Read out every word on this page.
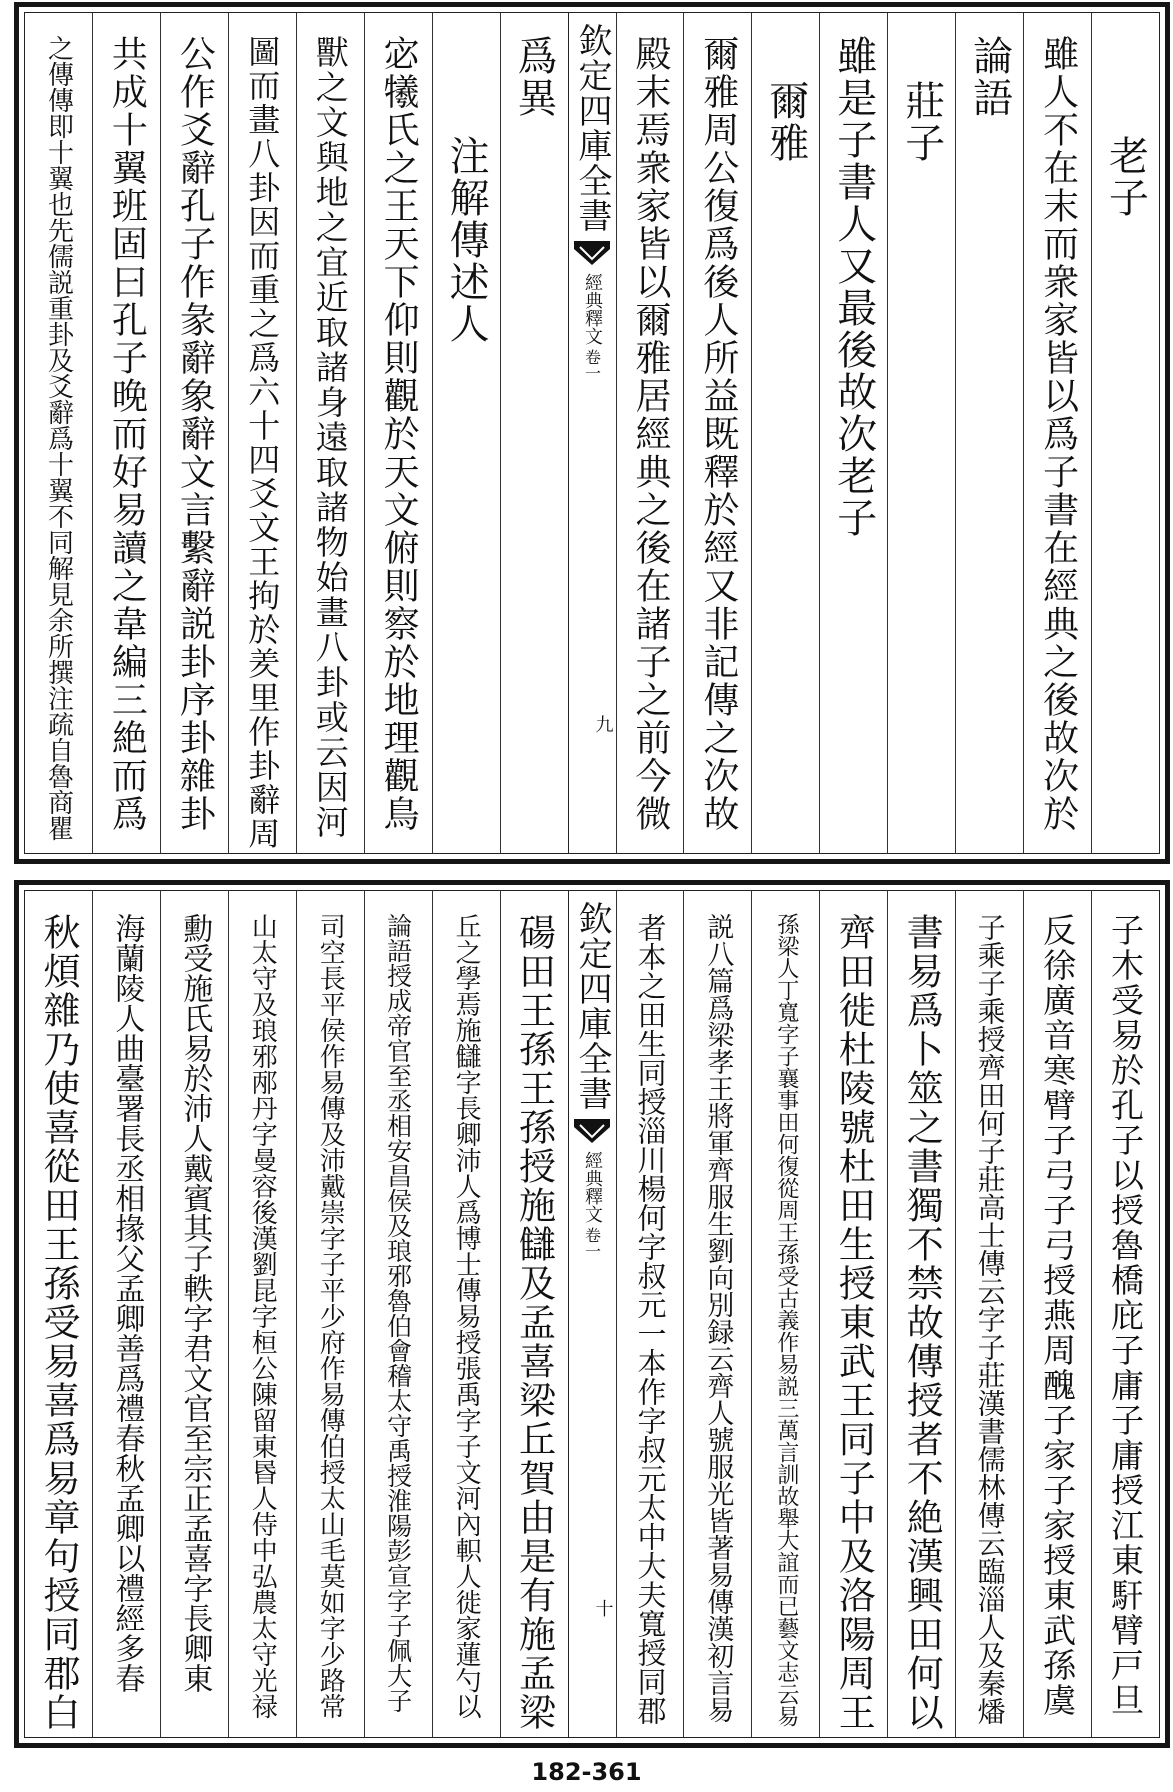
老子
雖人不在末而衆家皆以爲子書在經典之後故次於
論語
莊子
雖是子書人又最後故次老子
爾雅
爾雅周公復爲後人所益既釋於經又非記傳之次故
殿末焉衆家皆以爾雅居經典之後在諸子之前今微
欽定四庫全書
經典釋文
卷一
九
爲異
注解傳述人
宓犧氏之王天下仰則觀於天文俯則察於地理觀鳥
獸之文與地之宜近取諸身遠取諸物始畫八卦或云因河
圖而畫八卦因而重之爲六十四爻文王拘於羑里作卦辭周
公作爻辭孔子作彖辭象辭文言繫辭説卦序卦雜卦
共成十翼班固曰孔子晚而好易讀之韋編三絶而爲
之傳傳即十翼也先儒説重卦及爻辭爲十翼不同解見余所撰注疏自魯商瞿
子木受易於孔子以授魯橋庇子庸子庸授江東馯臂戸旦
反徐廣音寒臂子弓子弓授燕周醜子家子家授東武孫虞
子乘子乘授齊田何子莊高士傳云字子莊漢書儒林傳云臨淄人及秦燔
書易爲卜筮之書獨不禁故傳授者不絶漢興田何以
齊田徙杜陵號杜田生授東武王同子中及洛陽周王
孫梁人丁寬字子襄事田何復從周王孫受古義作易説三萬言訓故舉大誼而已藝文志云易
説八篇爲梁孝王將軍齊服生劉向別録云齊人號服光皆著易傳漢初言易
者本之田生同授淄川楊何字叔元一本作字叔元太中大夫寬授同郡
欽定四庫全書
經典釋文
卷一
十
碭田王孫王孫授施讎及孟喜梁丘賀由是有施孟梁
丘之學焉施讎字長卿沛人爲博士傳易授張禹字子文河內軹人徙家蓮勺以
論語授成帝官至丞相安昌侯及琅邪魯伯會稽太守禹授淮陽彭宣字子佩大子
司空長平侯作易傳及沛戴崇字子平少府作易傳伯授太山毛莫如字少路常
山太守及琅邪邴丹字曼容後漢劉昆字桓公陳留東昬人侍中弘農太守光禄
勳受施氏易於沛人戴賓其子軼字君文官至宗正孟喜字長卿東
海蘭陵人曲臺署長丞相掾父孟卿善爲禮春秋孟卿以禮經多春
秋煩雜乃使喜從田王孫受易喜爲易章句授同郡白
182-361
